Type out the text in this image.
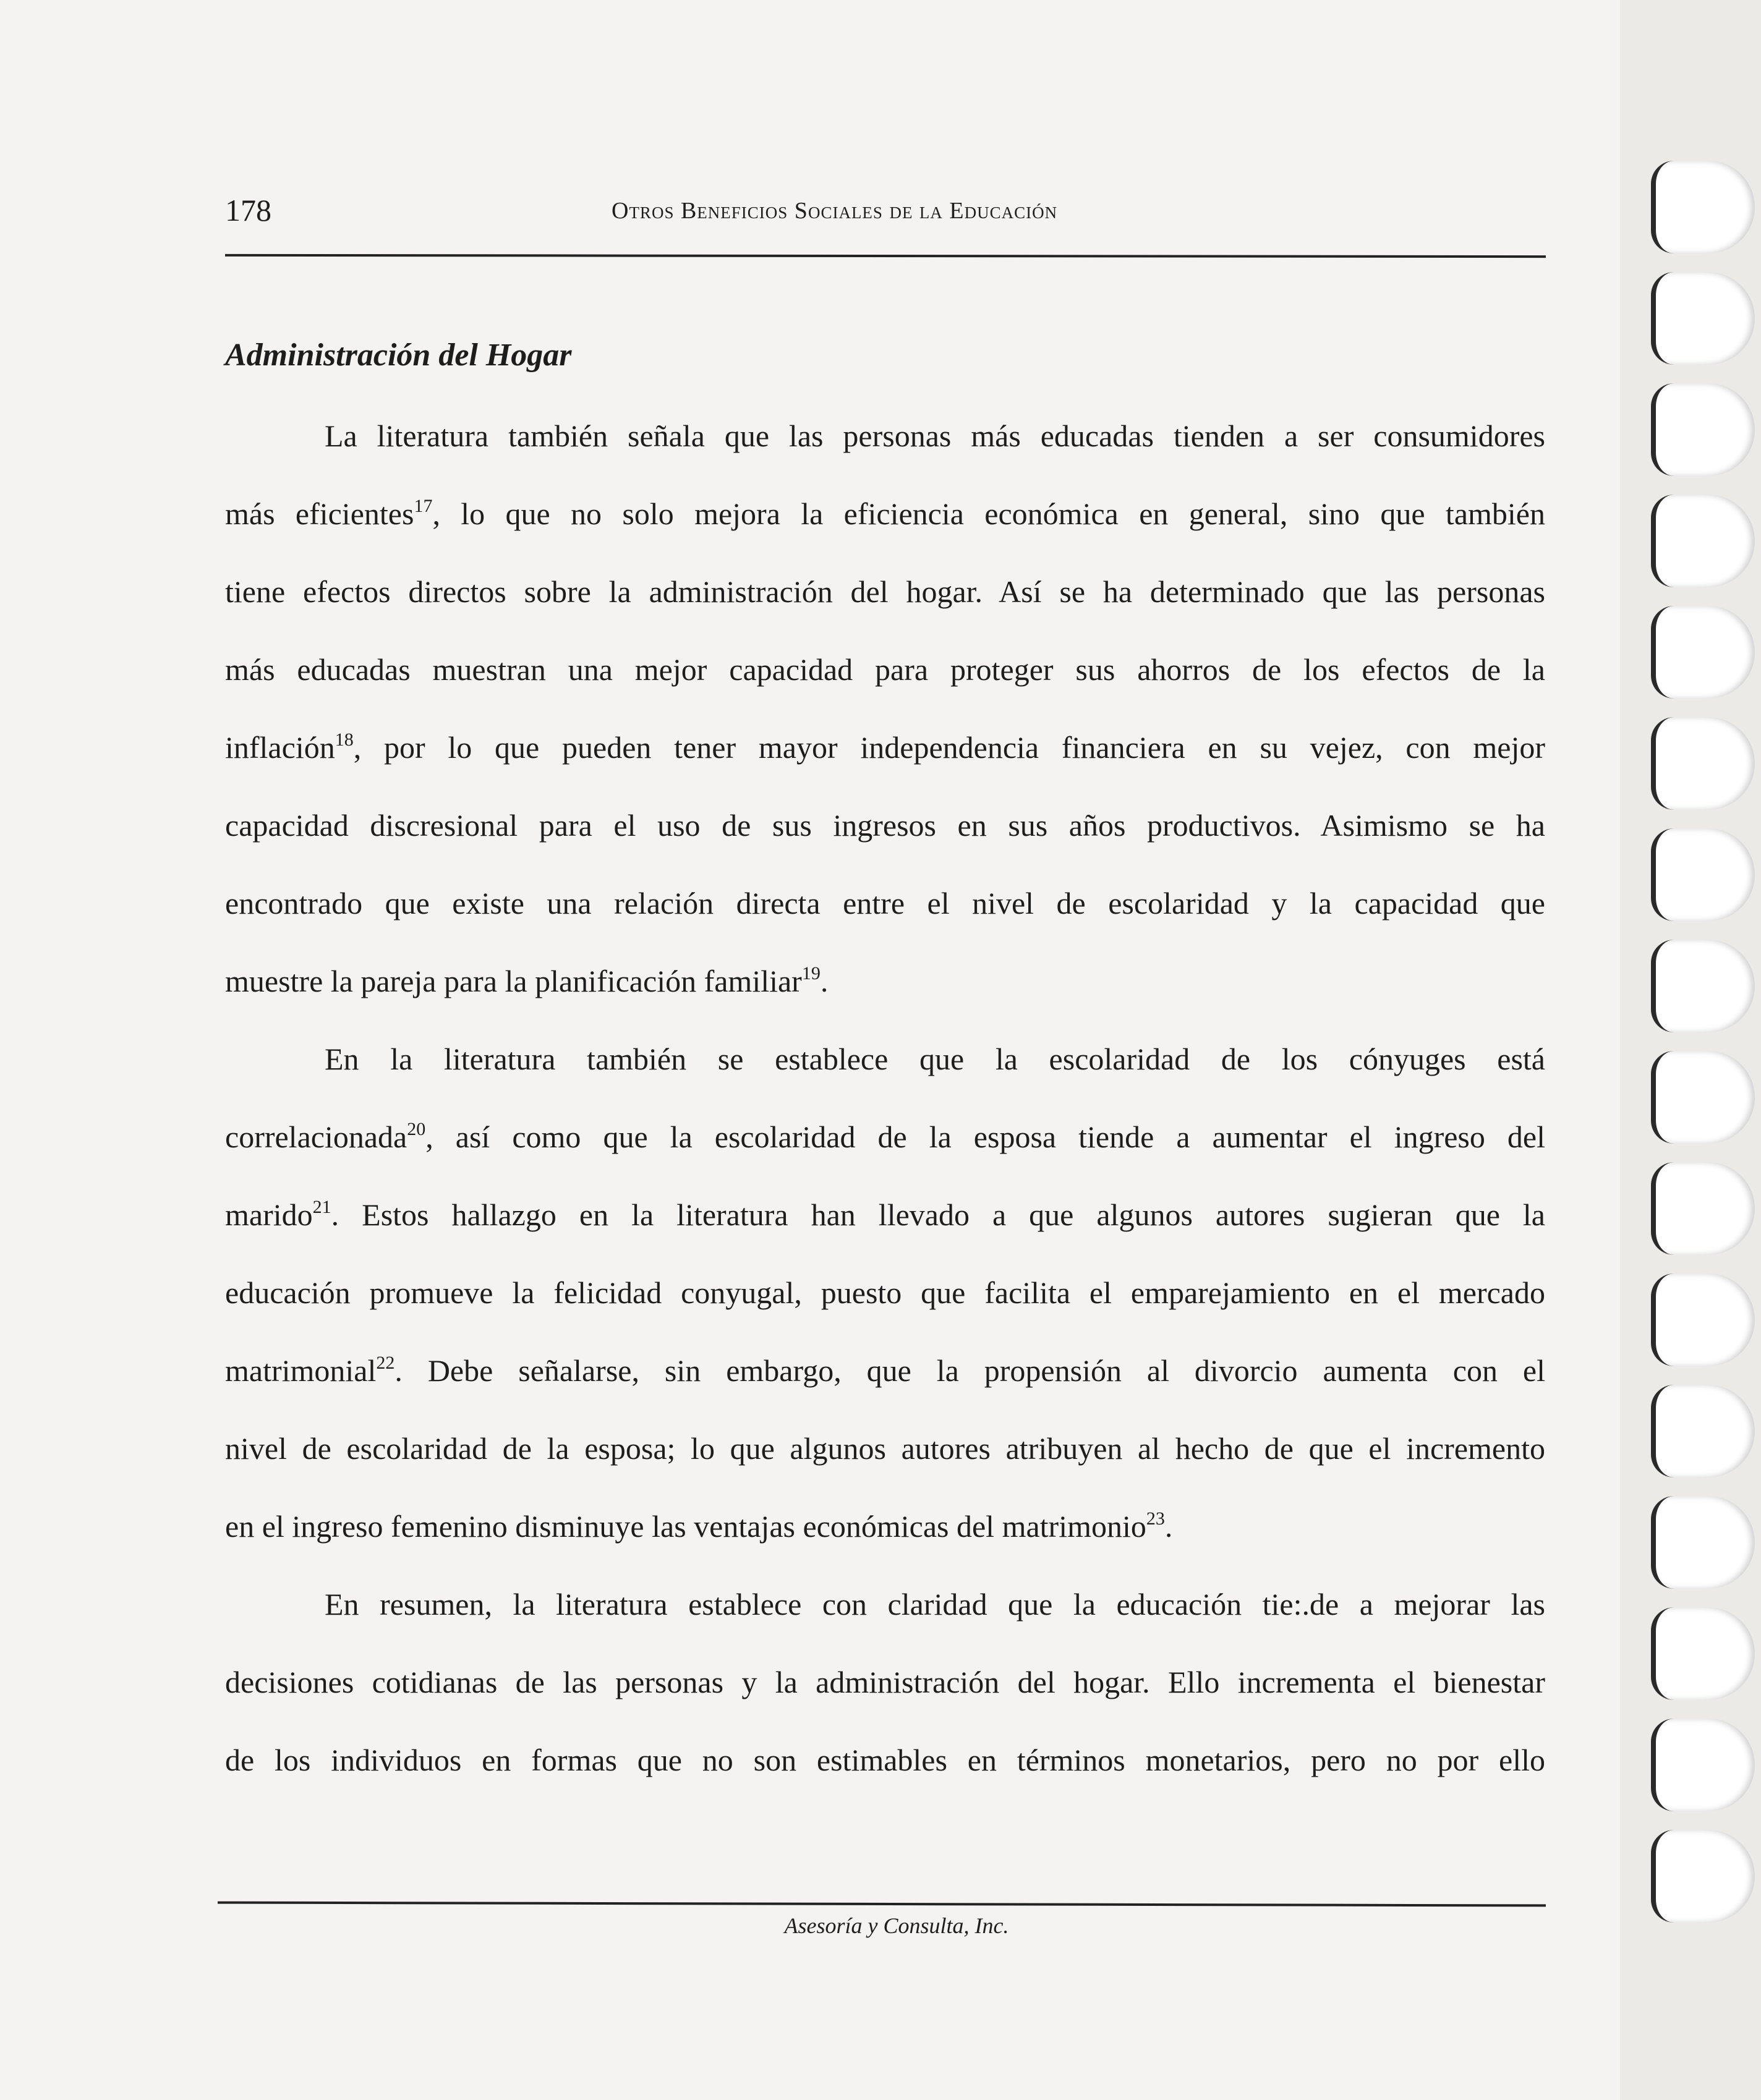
178	Otros Beneficios Sociales de la Educación
Administración del Hogar
La literatura también señala que las personas más educadas tienden a ser consumidores
más eficientes$^{17}$, lo que no solo mejora la eficiencia económica en general, sino que también
tiene efectos directos sobre la administración del hogar. Así se ha determinado que las personas
más educadas muestran una mejor capacidad para proteger sus ahorros de los efectos de la
inflación$^{18}$, por lo que pueden tener mayor independencia financiera en su vejez, con mejor
capacidad discresional para el uso de sus ingresos en sus años productivos. Asimismo se ha
encontrado que existe una relación directa entre el nivel de escolaridad y la capacidad que
muestre la pareja para la planificación familiar$^{19}$.
En la literatura también se establece que la escolaridad de los cónyuges está
correlacionada$^{20}$, así como que la escolaridad de la esposa tiende a aumentar el ingreso del
marido$^{21}$. Estos hallazgo en la literatura han llevado a que algunos autores sugieran que la
educación promueve la felicidad conyugal, puesto que facilita el emparejamiento en el mercado
matrimonial$^{22}$. Debe señalarse, sin embargo, que la propensión al divorcio aumenta con el
nivel de escolaridad de la esposa; lo que algunos autores atribuyen al hecho de que el incremento
en el ingreso femenino disminuye las ventajas económicas del matrimonio$^{23}$.
En resumen, la literatura establece con claridad que la educación tie:.de a mejorar las
decisiones cotidianas de las personas y la administración del hogar. Ello incrementa el bienestar
de los individuos en formas que no son estimables en términos monetarios, pero no por ello
Asesoría y Consulta, Inc.
